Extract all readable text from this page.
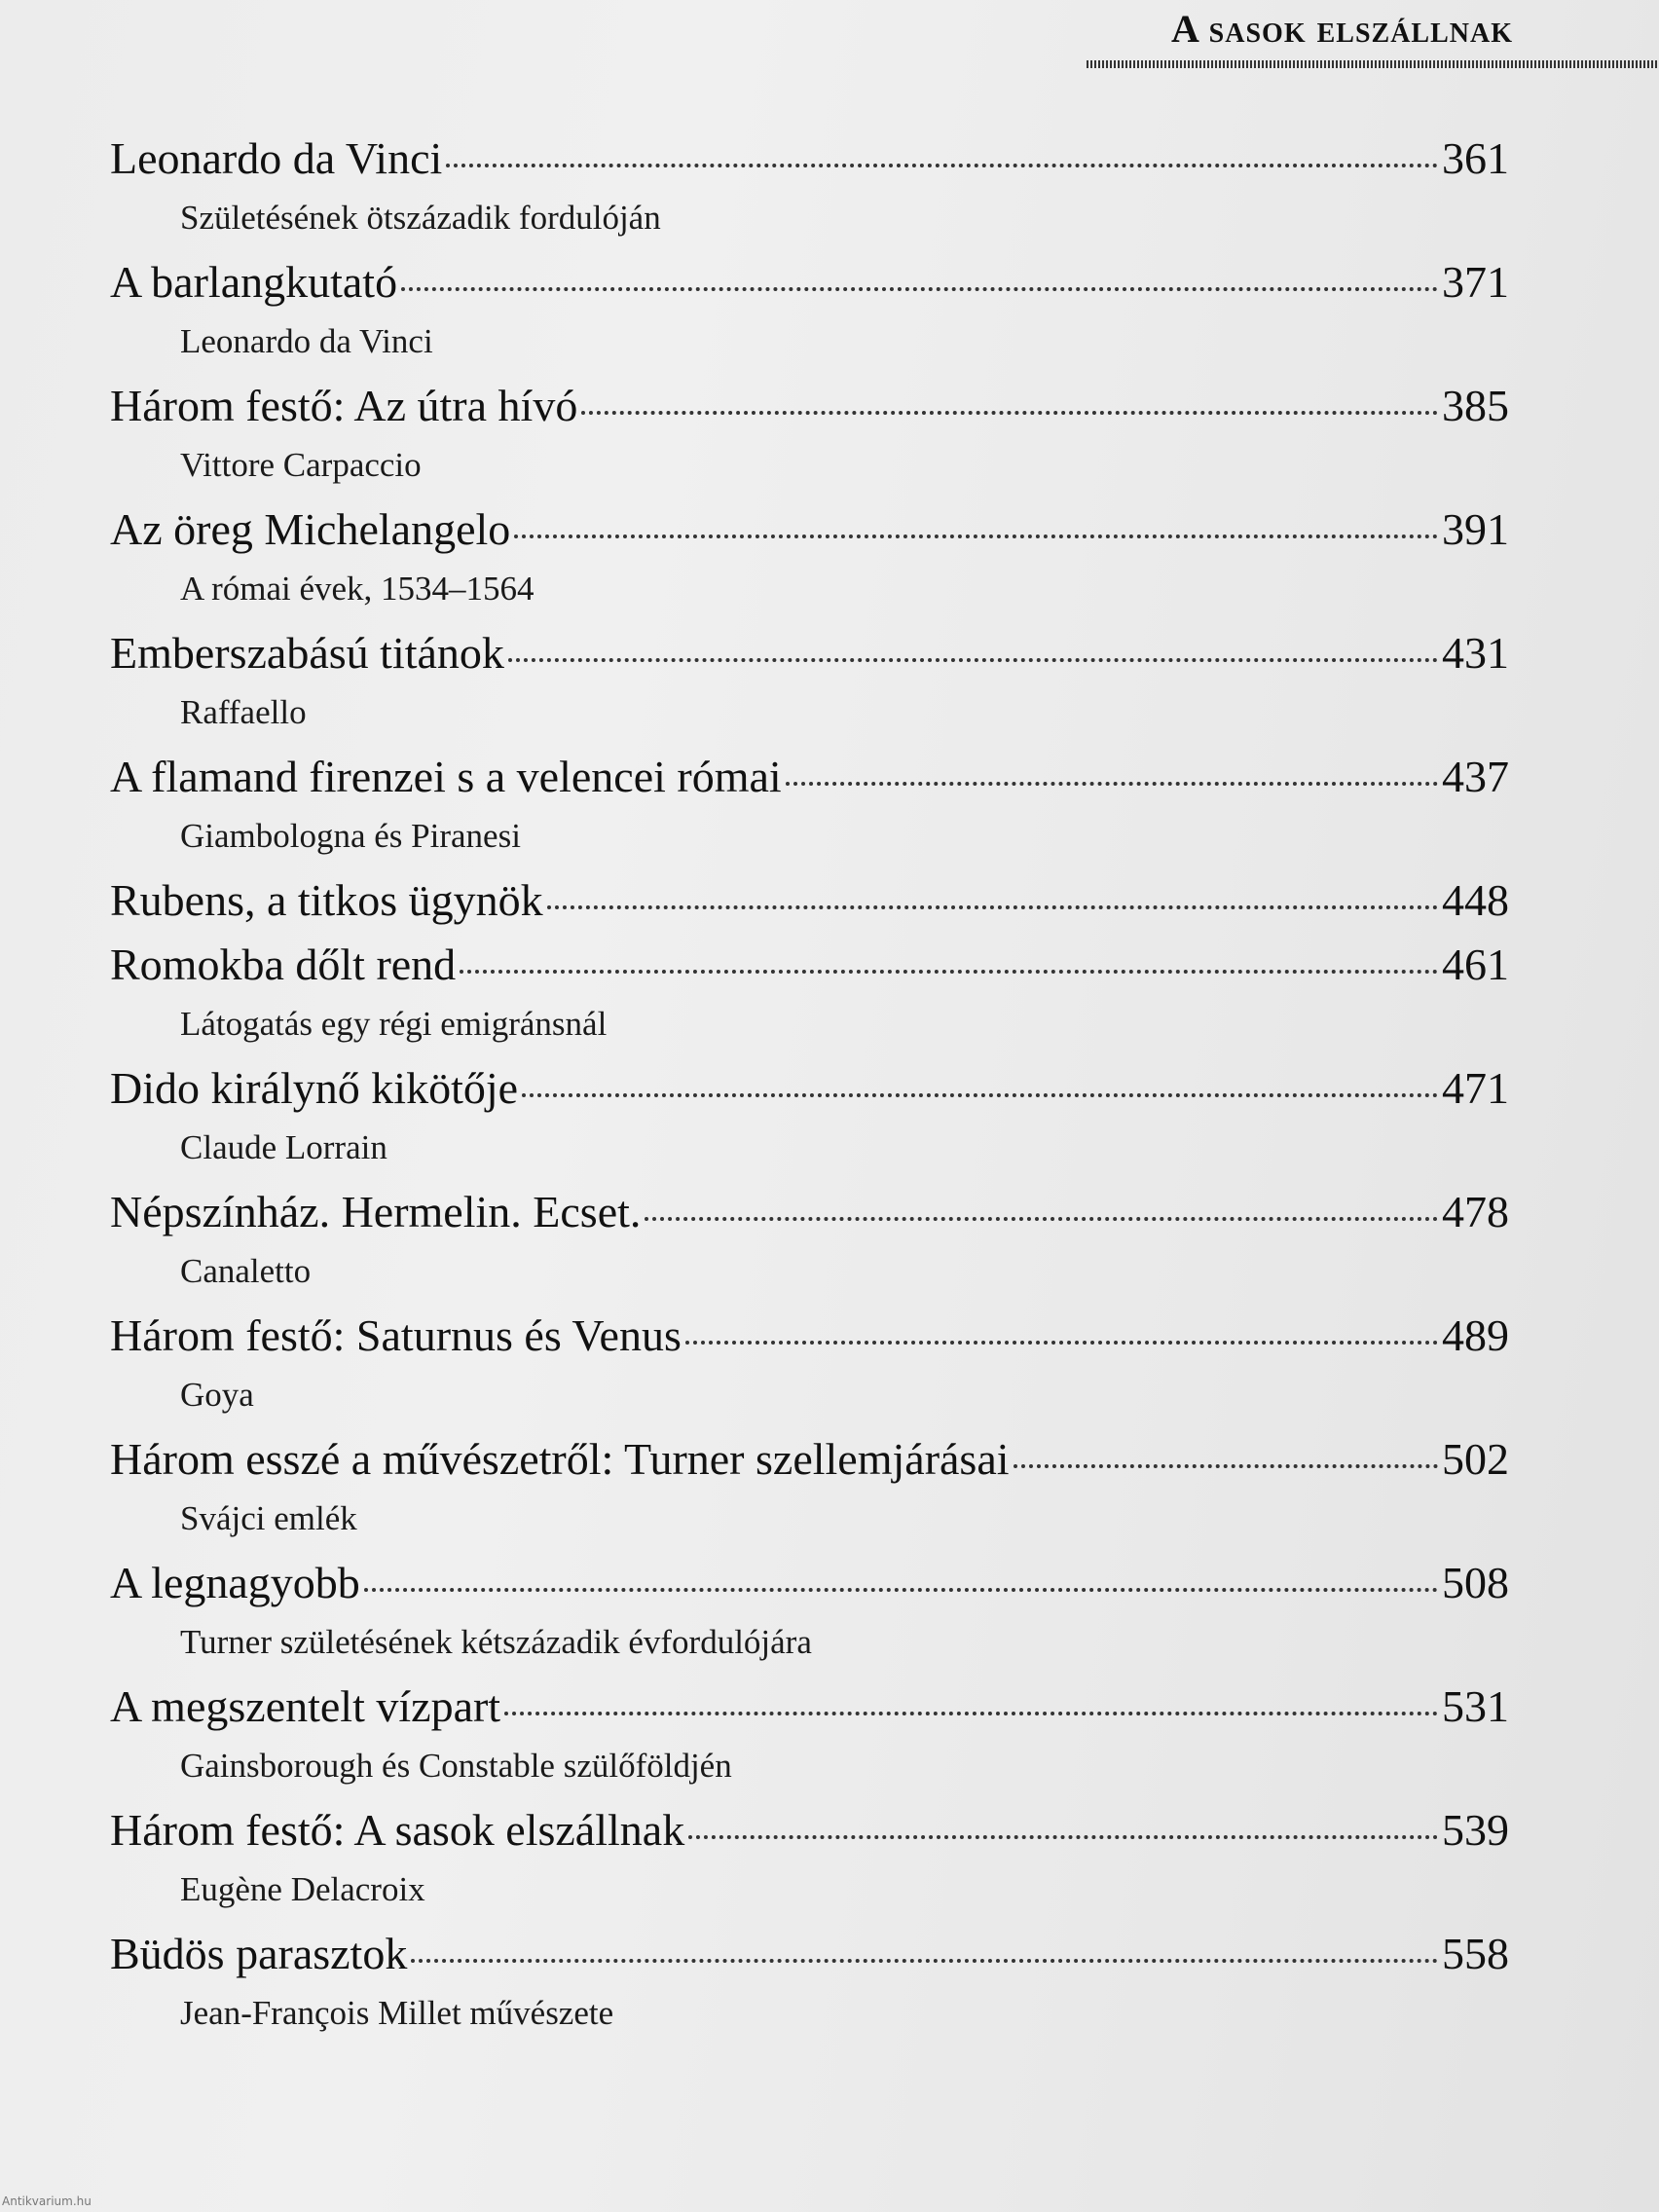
A sasok elszállnak
Leonardo da Vinci	361
Születésének ötszázadik fordulóján
A barlangkutató	371
Leonardo da Vinci
Három festő: Az útra hívó	385
Vittore Carpaccio
Az öreg Michelangelo	391
A római évek, 1534–1564
Emberszabású titánok	431
Raffaello
A flamand firenzei s a velencei római	437
Giambologna és Piranesi
Rubens, a titkos ügynök	448
Romokba dőlt rend	461
Látogatás egy régi emigránsnál
Dido királynő kikötője	471
Claude Lorrain
Népszínház. Hermelin. Ecset.	478
Canaletto
Három festő: Saturnus és Venus	489
Goya
Három esszé a művészetről: Turner szellemjárásai	502
Svájci emlék
A legnagyobb	508
Turner születésének kétszázadik évfordulójára
A megszentelt vízpart	531
Gainsborough és Constable szülőföldjén
Három festő: A sasok elszállnak	539
Eugène Delacroix
Büdös parasztok	558
Jean-François Millet művészete
Antikvarium.hu
